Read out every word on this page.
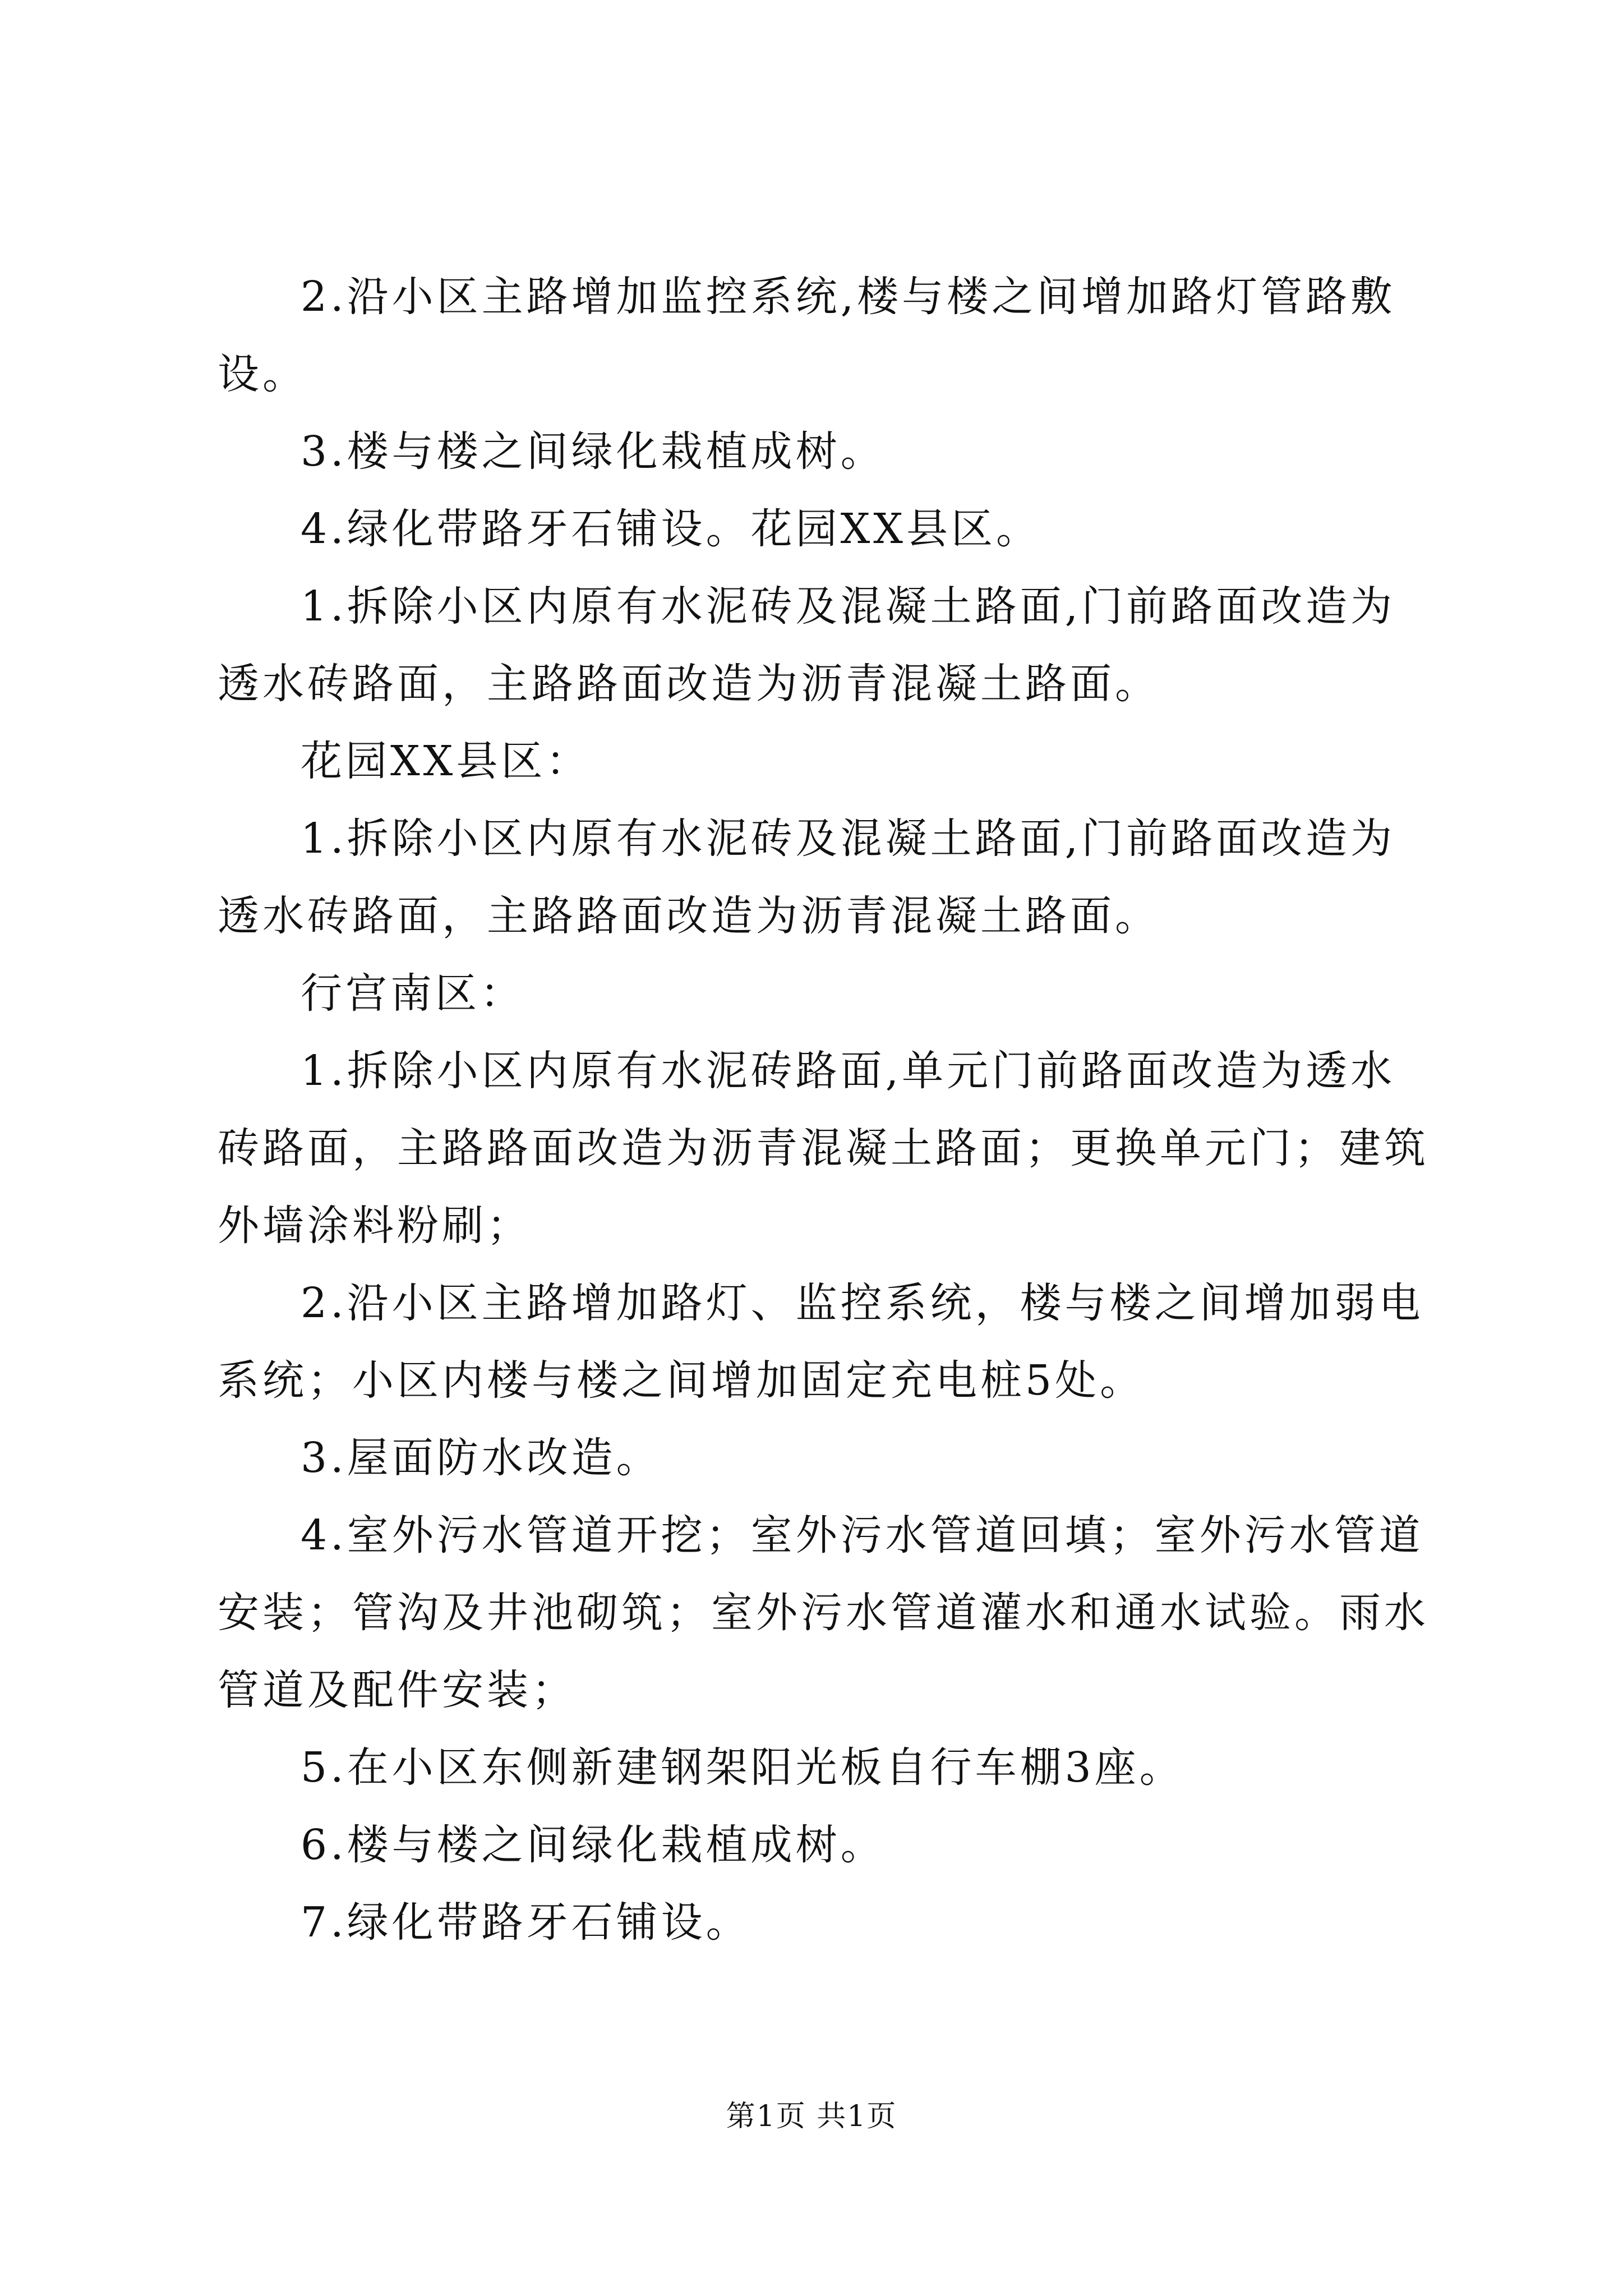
2.沿小区主路增加监控系统,楼与楼之间增加路灯管路敷设。

3.楼与楼之间绿化栽植成树。

4.绿化带路牙石铺设。花园XX县区。

1.拆除小区内原有水泥砖及混凝土路面,门前路面改造为透水砖路面，主路路面改造为沥青混凝土路面。

花园XX县区：

1.拆除小区内原有水泥砖及混凝土路面,门前路面改造为透水砖路面，主路路面改造为沥青混凝土路面。

行宫南区：

1.拆除小区内原有水泥砖路面,单元门前路面改造为透水砖路面，主路路面改造为沥青混凝土路面；更换单元门；建筑外墙涂料粉刷；

2.沿小区主路增加路灯、监控系统，楼与楼之间增加弱电系统；小区内楼与楼之间增加固定充电桩5处。

3.屋面防水改造。

4.室外污水管道开挖；室外污水管道回填；室外污水管道安装；管沟及井池砌筑；室外污水管道灌水和通水试验。雨水管道及配件安装；

5.在小区东侧新建钢架阳光板自行车棚3座。

6.楼与楼之间绿化栽植成树。

7.绿化带路牙石铺设。

第1页 共1页
